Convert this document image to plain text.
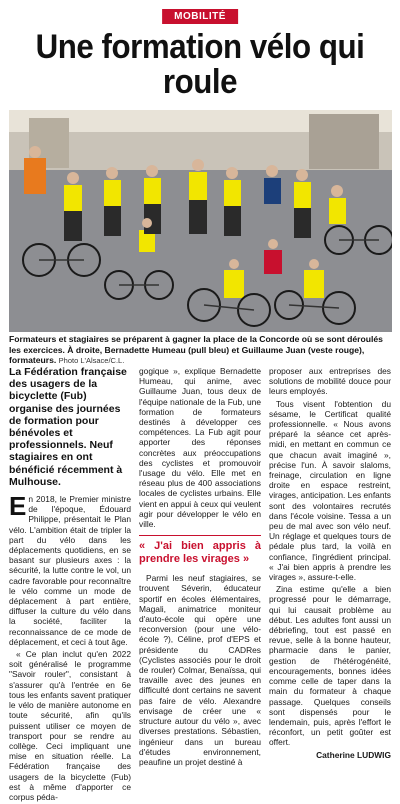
MOBILITÉ
Une formation vélo qui roule
Formateurs et stagiaires se préparent à gagner la place de la Concorde où se sont déroulés les exercices. À droite, Bernadette Humeau (pull bleu) et Guillaume Juan (veste rouge), formateurs. Photo L'Alsace/C.L.
La Fédération française des usagers de la bicyclette (Fub) organise des journées de formation pour bénévoles et professionnels. Neuf stagiaires en ont bénéficié récemment à Mulhouse.

En 2018, le Premier ministre de l'époque, Édouard Philippe, présentait le Plan vélo. L'ambition était de tripler la part du vélo dans les déplacements quotidiens, en se basant sur plusieurs axes : la sécurité, la lutte contre le vol, un cadre favorable pour reconnaître le vélo comme un mode de déplacement à part entière, diffuser la culture du vélo dans la société, faciliter la reconnaissance de ce mode de déplacement, et ceci à tout âge.

« Ce plan inclut qu'en 2022 soit généralisé le programme "Savoir rouler", consistant à s'assurer qu'à l'entrée en 6e tous les enfants savent pratiquer le vélo de manière autonome en toute sécurité, afin qu'ils puissent utiliser ce moyen de transport pour se rendre au collège. Ceci impliquant une mise en situation réelle. La Fédération française des usagers de la bicyclette (Fub) est à même d'apporter ce corpus péda-

gogique », explique Bernadette Humeau, qui anime, avec Guillaume Juan, tous deux de l'équipe nationale de la Fub, une formation de formateurs destinés à développer ces compétences. La Fub agit pour apporter des réponses concrètes aux préoccupations des cyclistes et promouvoir l'usage du vélo. Elle met en réseau plus de 400 associations locales de cyclistes urbains. Elle vient en appui à ceux qui veulent agir pour développer le vélo en ville.

« J'ai bien appris à prendre les virages »

Parmi les neuf stagiaires, se trouvent Séverin, éducateur sportif en écoles élémentaires, Magali, animatrice moniteur d'auto-école qui opère une reconversion (pour une vélo-école ?), Céline, prof d'EPS et présidente du CADRes (Cyclistes associés pour le droit de rouler) Colmar, Benaïssa, qui travaille avec des jeunes en difficulté dont certains ne savent pas faire de vélo. Alexandre envisage de créer une « structure autour du vélo », avec diverses prestations. Sébastien, ingénieur dans un bureau d'études environnement, peaufine un projet destiné à

proposer aux entreprises des solutions de mobilité douce pour leurs employés.

Tous visent l'obtention du sésame, le Certificat qualité professionnelle. « Nous avons préparé la séance cet après-midi, en mettant en commun ce que chacun avait imaginé », précise l'un. À savoir slaloms, freinage, circulation en ligne droite en espace restreint, virages, anticipation. Les enfants sont des volontaires recrutés dans l'école voisine. Tessa a un peu de mal avec son vélo neuf. Un réglage et quelques tours de pédale plus tard, la voilà en confiance, l'ingrédient principal. « J'ai bien appris à prendre les virages », assure-t-elle.

Zina estime qu'elle a bien progressé pour le démarrage, qui lui causait problème au début. Les adultes font aussi un débriefing, tout est passé en revue, selle à la bonne hauteur, pharmacie dans le panier, gestion de l'hétérogénéité, encouragements, bonnes idées comme celle de taper dans la main du formateur à chaque passage. Quelques conseils sont dispensés pour le lendemain, puis, après l'effort le réconfort, un petit goûter est offert.

Catherine LUDWIG
